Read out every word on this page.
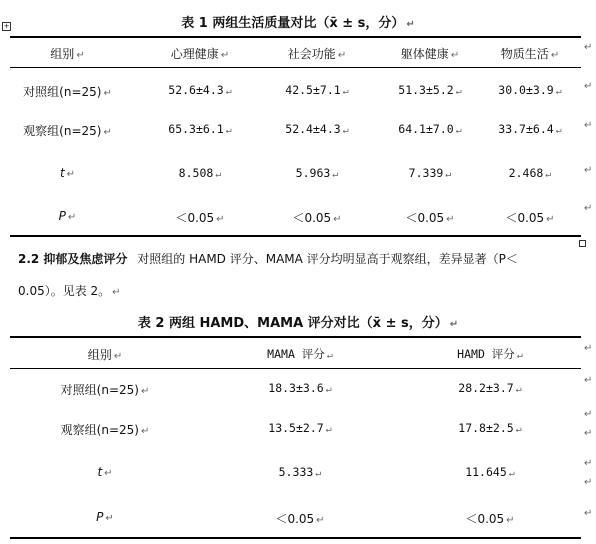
+	表 1 两组生活质量对比（x̄ ± s，分） ↵
组别 ↵	心理健康 ↵	社会功能 ↵	躯体健康 ↵	物质生活 ↵
对照组(n=25) ↵	52.6±4.3 ↵	42.5±7.1 ↵	51.3±5.2 ↵	30.0±3.9 ↵
观察组(n=25) ↵	65.3±6.1 ↵	52.4±4.3 ↵	64.1±7.0 ↵	33.7±6.4 ↵
t ↵	8.508 ↵	5.963 ↵	7.339 ↵	2.468 ↵
P ↵	＜0.05 ↵	＜0.05 ↵	＜0.05 ↵	＜0.05 ↵
↵
↵
↵
↵
↵
2.2 抑郁及焦虑评分 对照组的 HAMD 评分、MAMA 评分均明显高于观察组，差异显著（P＜
0.05）。见表 2。 ↵
表 2 两组 HAMD、MAMA 评分对比（x̄ ± s，分） ↵
组别 ↵	MAMA 评分 ↵	HAMD 评分 ↵
对照组(n=25) ↵	18.3±3.6 ↵	28.2±3.7 ↵
观察组(n=25) ↵	13.5±2.7 ↵	17.8±2.5 ↵
t ↵	5.333 ↵	11.645 ↵
P ↵	＜0.05 ↵	＜0.05 ↵
↵
↵
↵
↵
↵
↵
↵
